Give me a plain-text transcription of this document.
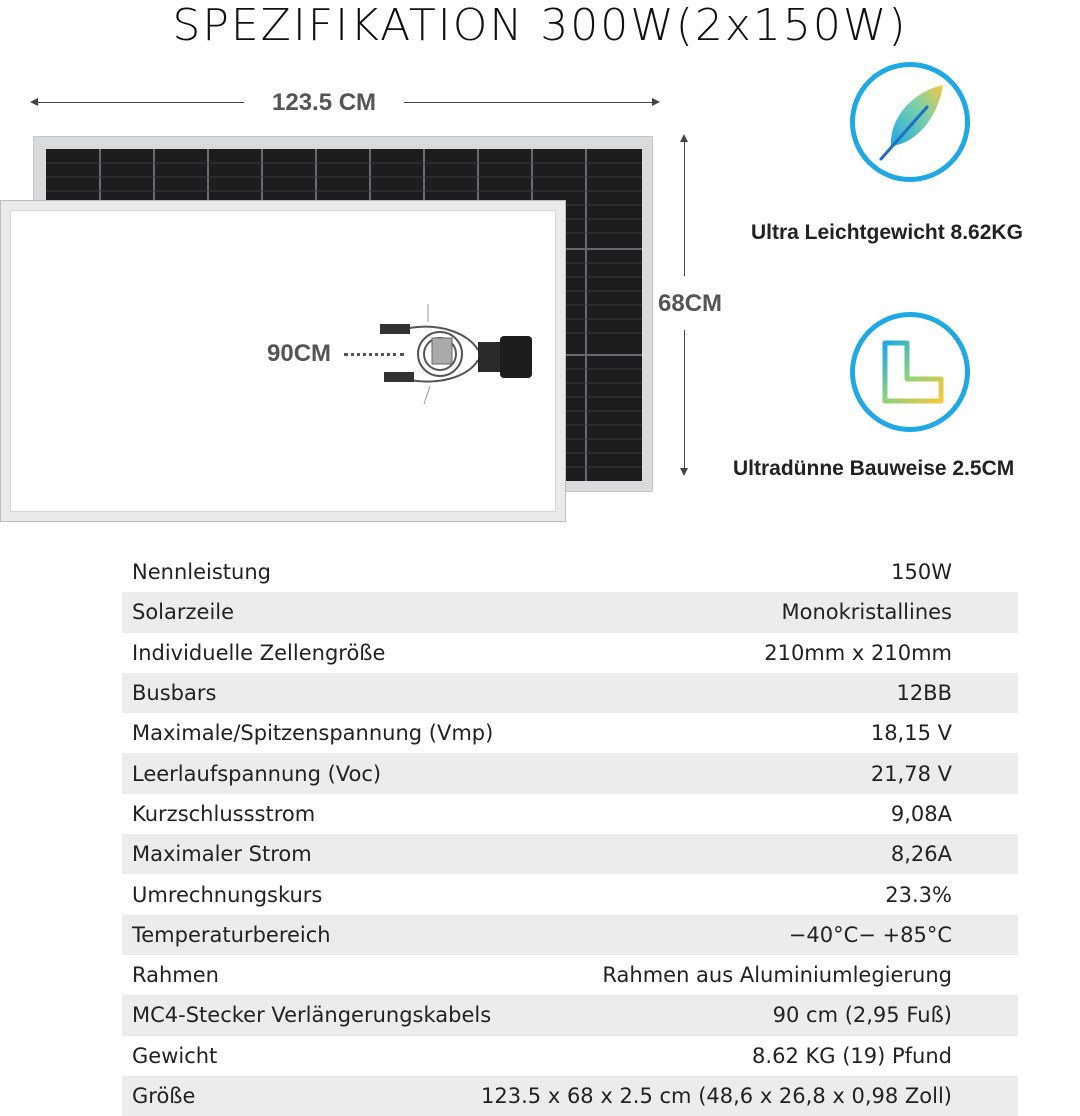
SPEZIFIKATION 300W(2x150W)
123.5 CM
68CM
90CM
Ultra Leichtgewicht 8.62KG
Ultradünne Bauweise 2.5CM
Nennleistung	150W
Solarzeile	Monokristallines
Individuelle Zellengröße	210mm x 210mm
Busbars	12BB
Maximale/Spitzenspannung (Vmp)	18,15 V
Leerlaufspannung (Voc)	21,78 V
Kurzschlussstrom	9,08A
Maximaler Strom	8,26A
Umrechnungskurs	23.3%
Temperaturbereich	−40°C− +85°C
Rahmen	Rahmen aus Aluminiumlegierung
MC4-Stecker Verlängerungskabels	90 cm (2,95 Fuß)
Gewicht	8.62 KG (19) Pfund
Größe	123.5 x 68 x 2.5 cm (48,6 x 26,8 x 0,98 Zoll)
